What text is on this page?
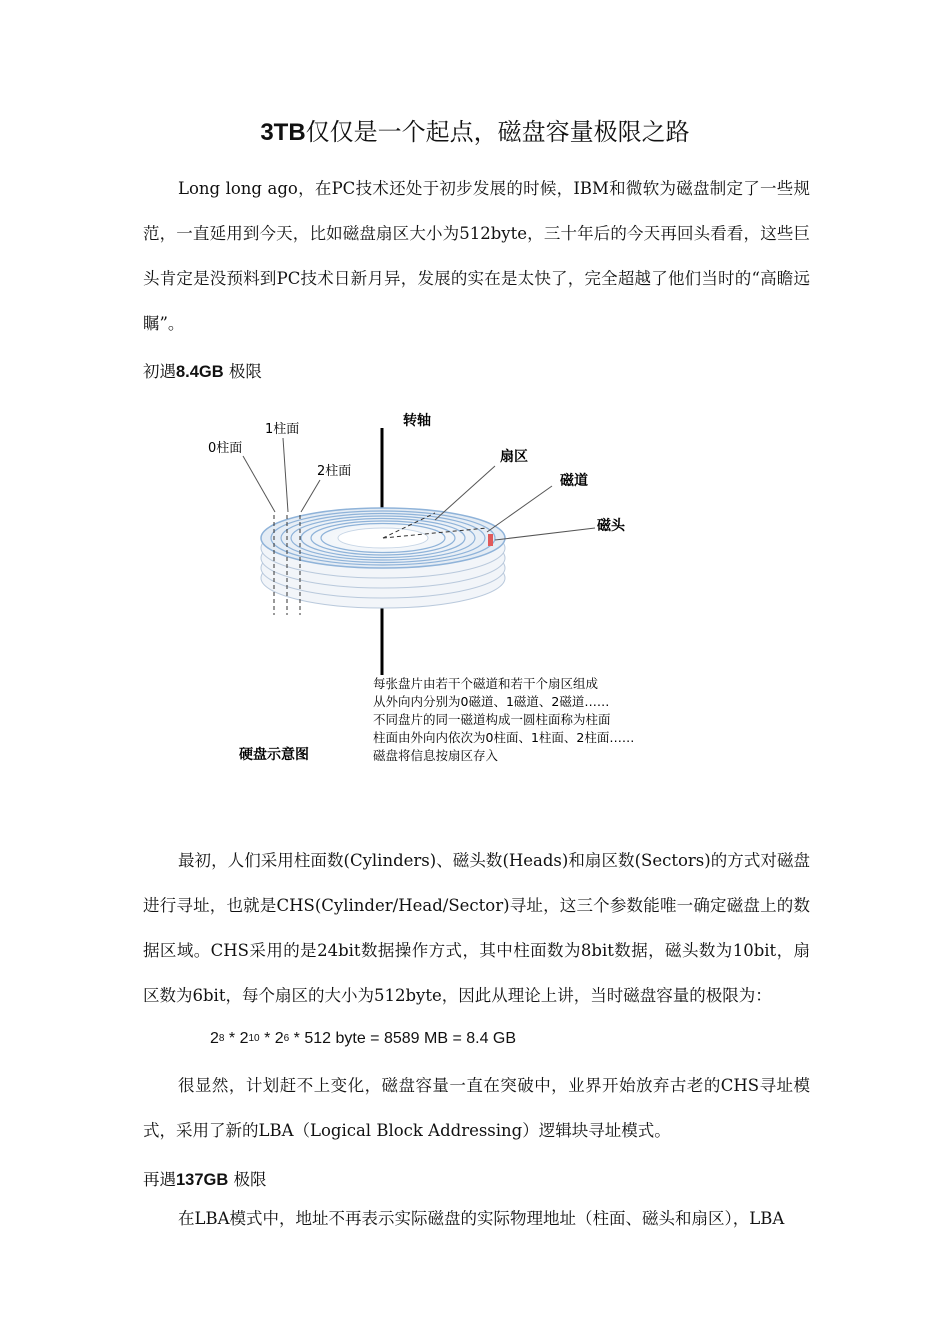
3TB仅仅是一个起点，磁盘容量极限之路
Long long ago，在PC技术还处于初步发展的时候，IBM和微软为磁盘制定了一些规范，一直延用到今天，比如磁盘扇区大小为512byte，三十年后的今天再回头看看，这些巨头肯定是没预料到PC技术日新月异，发展的实在是太快了，完全超越了他们当时的“高瞻远瞩”。
初遇8.4GB 极限
0柱面
1柱面
2柱面
转轴
扇区
磁道
磁头
每张盘片由若干个磁道和若干个扇区组成
从外向内分别为0磁道、1磁道、2磁道……
不同盘片的同一磁道构成一圆柱面称为柱面
柱面由外向内依次为0柱面、1柱面、2柱面……
磁盘将信息按扇区存入
硬盘示意图
最初，人们采用柱面数(Cylinders)、磁头数(Heads)和扇区数(Sectors)的方式对磁盘进行寻址，也就是CHS(Cylinder/Head/Sector)寻址，这三个参数能唯一确定磁盘上的数据区域。CHS采用的是24bit数据操作方式，其中柱面数为8bit数据，磁头数为10bit，扇区数为6bit，每个扇区的大小为512byte，因此从理论上讲，当时磁盘容量的极限为：
$2^8 * 2^{10} * 2^6 * 512$ byte = 8589 MB = 8.4 GB
很显然，计划赶不上变化，磁盘容量一直在突破中，业界开始放弃古老的CHS寻址模式，采用了新的LBA（Logical Block Addressing）逻辑块寻址模式。
再遇137GB 极限
在LBA模式中，地址不再表示实际磁盘的实际物理地址（柱面、磁头和扇区），LBA
